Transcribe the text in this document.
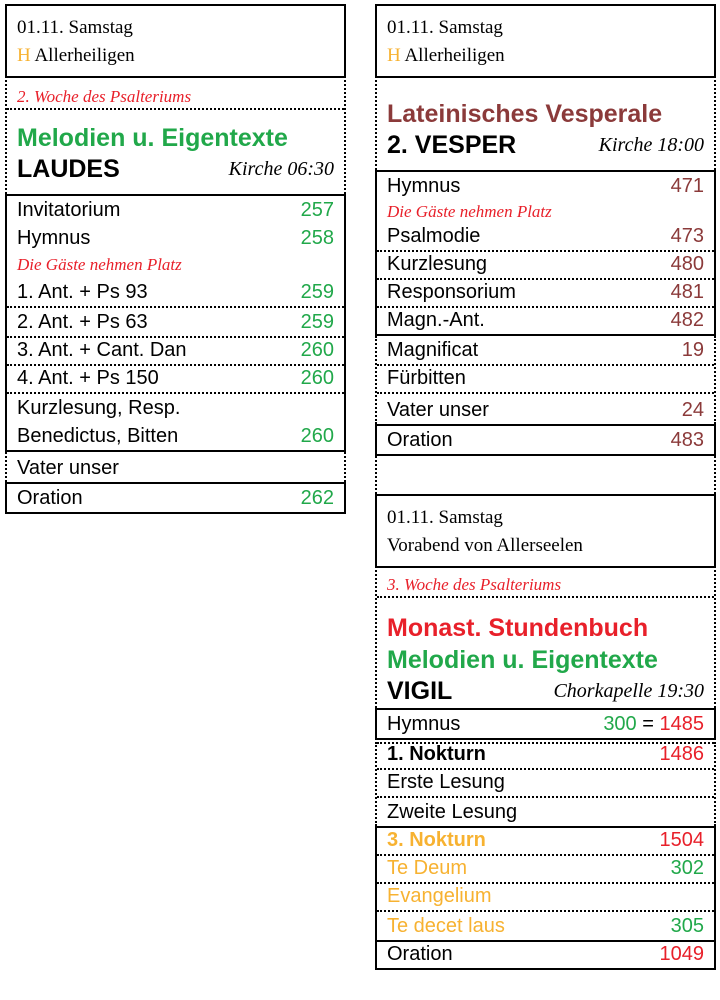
01.11. Samstag
H Allerheiligen
2. Woche des Psalteriums
Melodien u. Eigentexte
LAUDES	Kirche 06:30
Invitatorium	257
Hymnus	258
Die Gäste nehmen Platz
1. Ant. + Ps 93	259
2. Ant. + Ps 63	259
3. Ant. + Cant. Dan	260
4. Ant. + Ps 150	260
Kurzlesung, Resp.
Benedictus, Bitten	260
Vater unser
Oration	262
01.11. Samstag
H Allerheiligen
Lateinisches Vesperale
2. VESPER	Kirche 18:00
Hymnus	471
Die Gäste nehmen Platz
Psalmodie	473
Kurzlesung	480
Responsorium	481
Magn.-Ant.	482
Magnificat	19
Fürbitten
Vater unser	24
Oration	483
01.11. Samstag
Vorabend von Allerseelen
3. Woche des Psalteriums
Monast. Stundenbuch
Melodien u. Eigentexte
VIGIL	Chorkapelle 19:30
Hymnus	300 = 1485
1. Nokturn	1486
Erste Lesung
Zweite Lesung
3. Nokturn	1504
Te Deum	302
Evangelium
Te decet laus	305
Oration	1049
